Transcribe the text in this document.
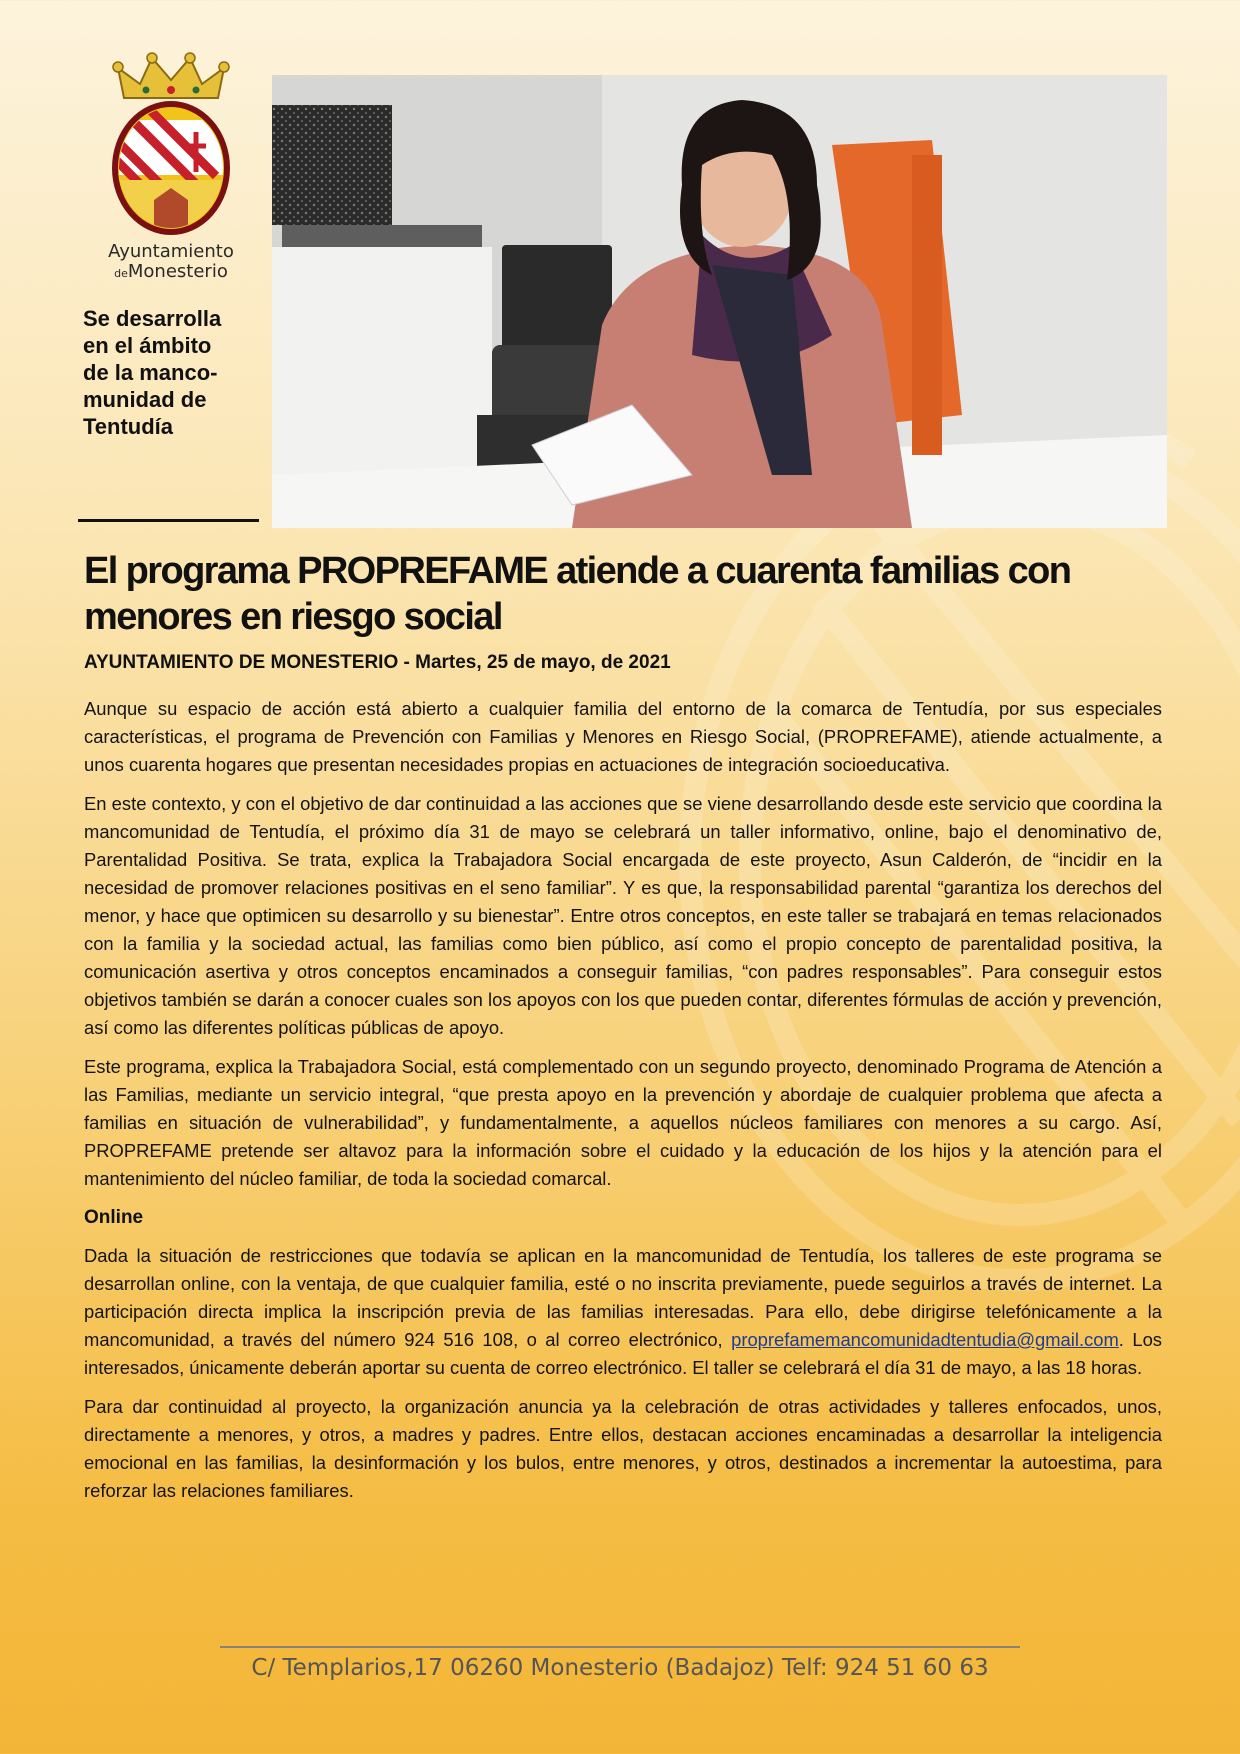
Ayuntamiento
deMonesterio
Se desarrolla
en el ámbito
de la manco-
munidad de
Tentudía
El programa PROPREFAME atiende a cuarenta familias con menores en riesgo social
AYUNTAMIENTO DE MONESTERIO - Martes, 25 de mayo, de 2021

Aunque su espacio de acción está abierto a cualquier familia del entorno de la comarca de Tentudía, por sus especiales características, el programa de Prevención con Familias y Menores en Riesgo Social, (PROPREFAME), atiende actualmente, a unos cuarenta hogares que presentan necesidades propias en actuaciones de integración socioeducativa.

En este contexto, y con el objetivo de dar continuidad a las acciones que se viene desarrollando desde este servicio que coordina la mancomunidad de Tentudía, el próximo día 31 de mayo se celebrará un taller informativo, online, bajo el denominativo de, Parentalidad Positiva. Se trata, explica la Trabajadora Social encargada de este proyecto, Asun Calderón, de “incidir en la necesidad de promover relaciones positivas en el seno familiar”. Y es que, la responsabilidad parental “garantiza los derechos del menor, y hace que optimicen su desarrollo y su bienestar”. Entre otros conceptos, en este taller se trabajará en temas relacionados con la familia y la sociedad actual, las familias como bien público, así como el propio concepto de parentalidad positiva, la comunicación asertiva y otros conceptos encaminados a conseguir familias, “con padres responsables”. Para conseguir estos objetivos también se darán a conocer cuales son los apoyos con los que pueden contar, diferentes fórmulas de acción y prevención, así como las diferentes políticas públicas de apoyo.

Este programa, explica la Trabajadora Social, está complementado con un segundo proyecto, denominado Programa de Atención a las Familias, mediante un servicio integral, “que presta apoyo en la prevención y abordaje de cualquier problema que afecta a familias en situación de vulnerabilidad”, y fundamentalmente, a aquellos núcleos familiares con menores a su cargo. Así, PROPREFAME pretende ser altavoz para la información sobre el cuidado y la educación de los hijos y la atención para el mantenimiento del núcleo familiar, de toda la sociedad comarcal.

Online

Dada la situación de restricciones que todavía se aplican en la mancomunidad de Tentudía, los talleres de este programa se desarrollan online, con la ventaja, de que cualquier familia, esté o no inscrita previamente, puede seguirlos a través de internet. La participación directa implica la inscripción previa de las familias interesadas. Para ello, debe dirigirse telefónicamente a la mancomunidad, a través del número 924 516 108, o al correo electrónico, proprefamemancomunidadtentudia@gmail.com. Los interesados, únicamente deberán aportar su cuenta de correo electrónico. El taller se celebrará el día 31 de mayo, a las 18 horas.

Para dar continuidad al proyecto, la organización anuncia ya la celebración de otras actividades y talleres enfocados, unos, directamente a menores, y otros, a madres y padres. Entre ellos, destacan acciones encaminadas a desarrollar la inteligencia emocional en las familias, la desinformación y los bulos, entre menores, y otros, destinados a incrementar la autoestima, para reforzar las relaciones familiares.

C/ Templarios,17 06260 Monesterio (Badajoz) Telf: 924 51 60 63
